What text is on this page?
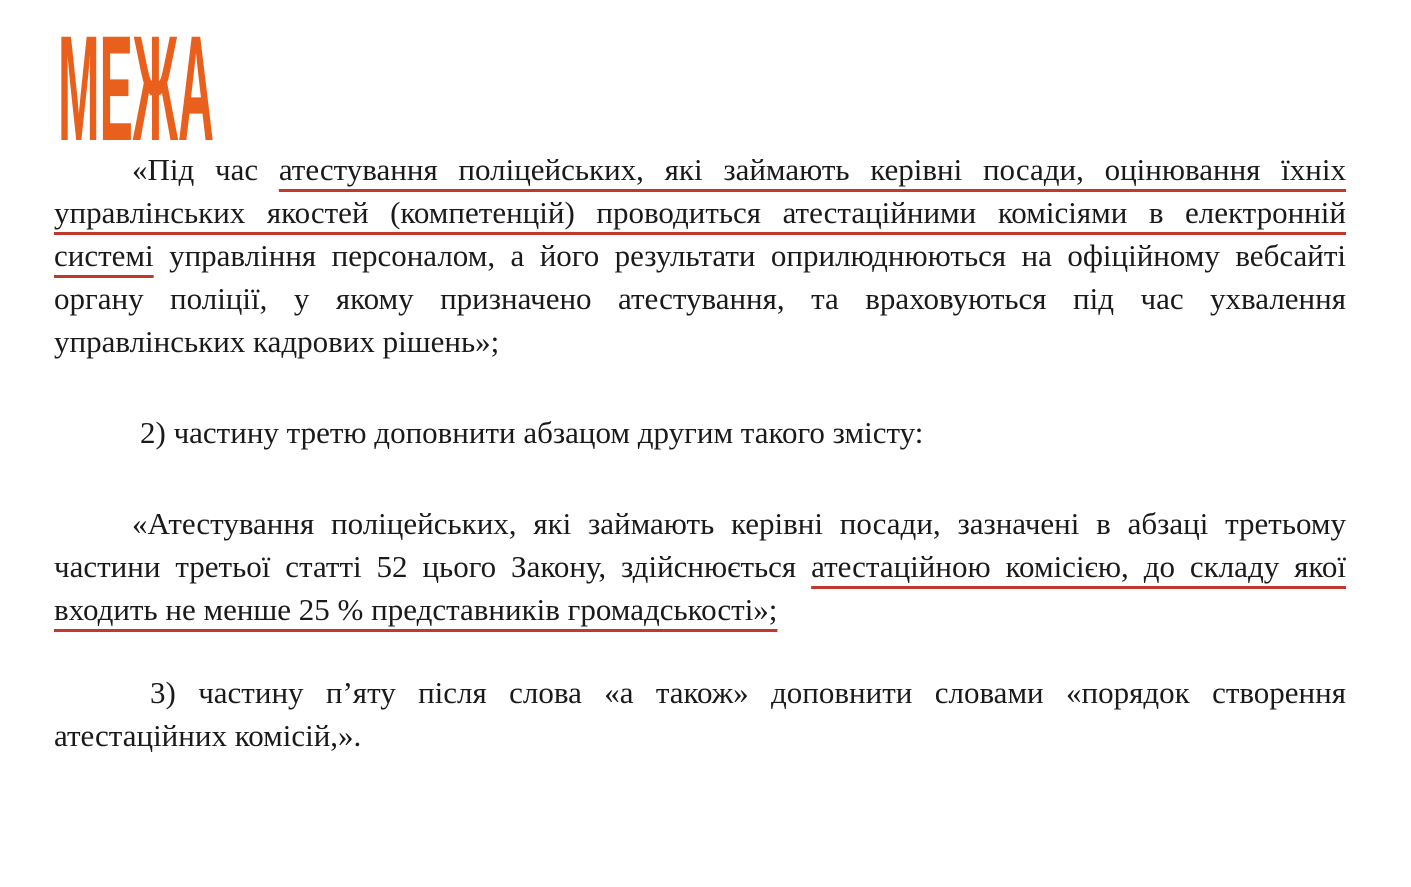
МЕЖА

«Під час атестування поліцейських, які займають керівні посади, оцінювання їхніх управлінських якостей (компетенцій) проводиться атестаційними комісіями в електронній системі управління персоналом, а його результати оприлюднюються на офіційному вебсайті органу поліції, у якому призначено атестування, та враховуються під час ухвалення управлінських кадрових рішень»;

2) частину третю доповнити абзацом другим такого змісту:

«Атестування поліцейських, які займають керівні посади, зазначені в абзаці третьому частини третьої статті 52 цього Закону, здійснюється атестаційною комісією, до складу якої входить не менше 25 % представників громадськості»;

3) частину п’яту після слова «а також» доповнити словами «порядок створення атестаційних комісій,».
